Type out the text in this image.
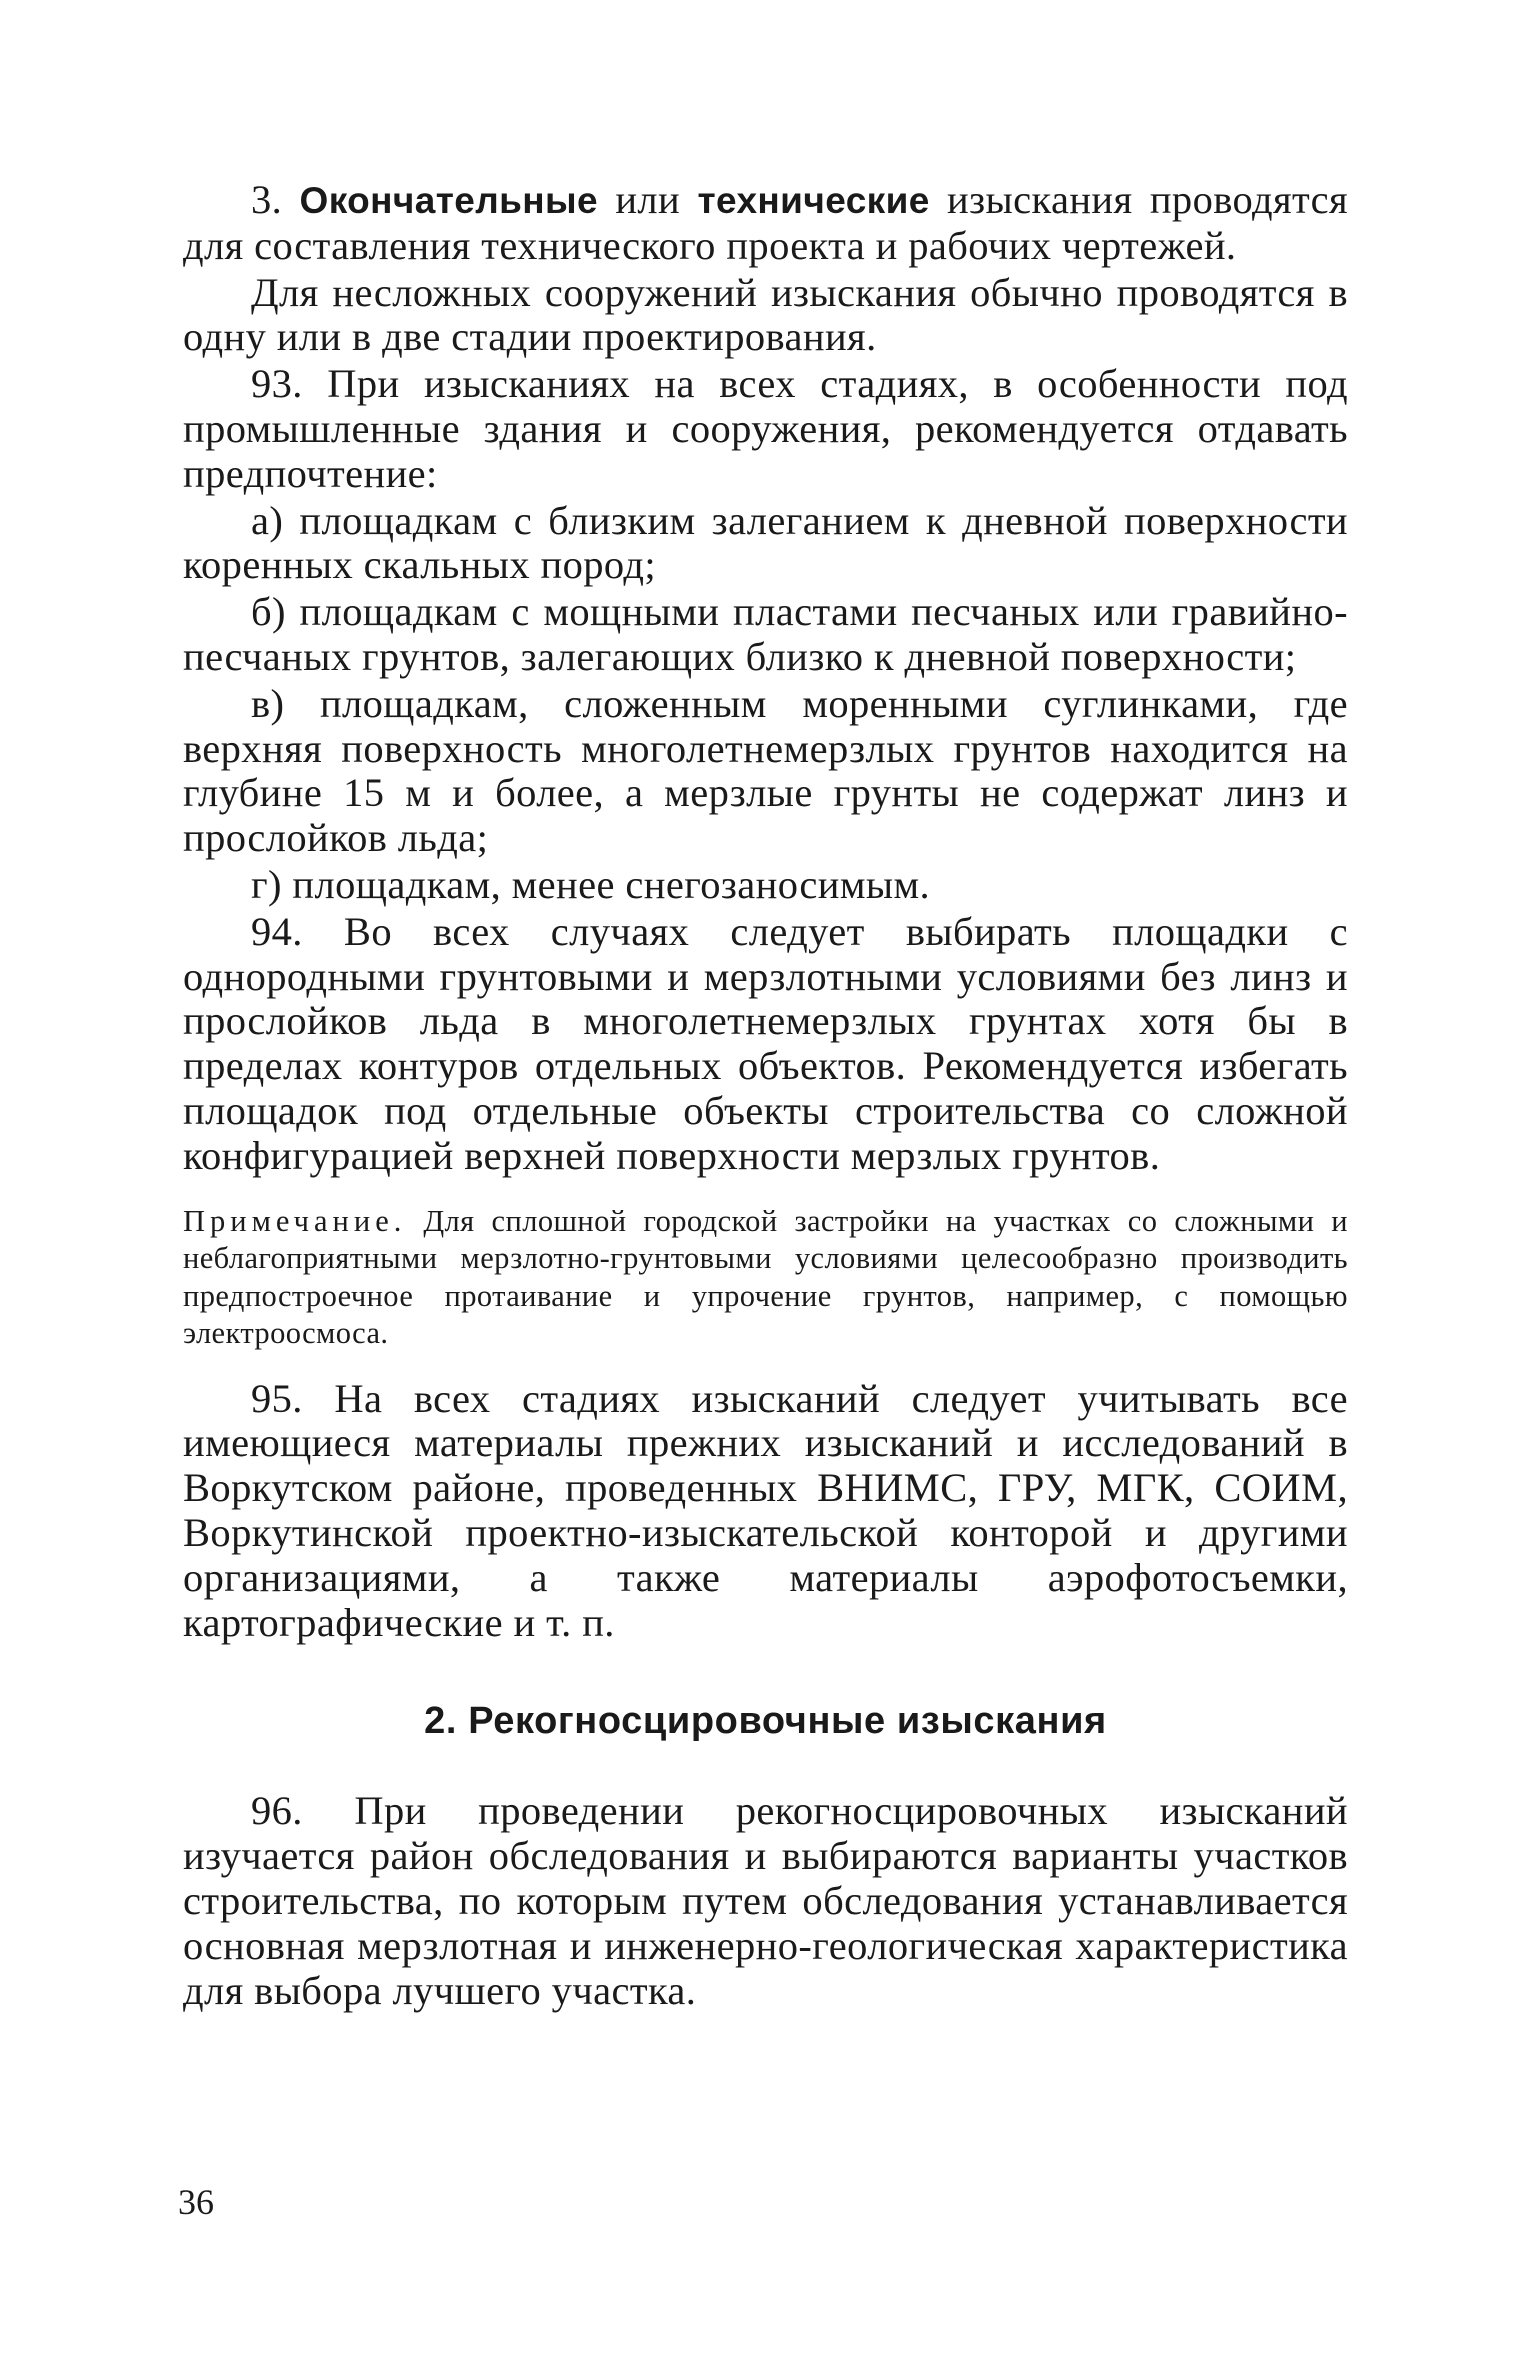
3. Окончательные или технические изыскания проводятся для составления технического проекта и рабочих чертежей.

Для несложных сооружений изыскания обычно проводятся в одну или в две стадии проектирования.

93. При изысканиях на всех стадиях, в особенности под промышленные здания и сооружения, рекомендуется отдавать предпочтение:

а) площадкам с близким залеганием к дневной поверхности коренных скальных пород;

б) площадкам с мощными пластами песчаных или гравийно-песчаных грунтов, залегающих близко к дневной поверхности;

в) площадкам, сложенным моренными суглинками, где верхняя поверхность многолетнемерзлых грунтов находится на глубине 15 м и более, а мерзлые грунты не содержат линз и прослойков льда;

г) площадкам, менее снегозаносимым.

94. Во всех случаях следует выбирать площадки с однородными грунтовыми и мерзлотными условиями без линз и прослойков льда в многолетнемерзлых грунтах хотя бы в пределах контуров отдельных объектов. Рекомендуется избегать площадок под отдельные объекты строительства со сложной конфигурацией верхней поверхности мерзлых грунтов.

Примечание. Для сплошной городской застройки на участках со сложными и неблагоприятными мерзлотно-грунтовыми условиями целесообразно производить предпостроечное протаивание и упрочение грунтов, например, с помощью электроосмоса.

95. На всех стадиях изысканий следует учитывать все имеющиеся материалы прежних изысканий и исследований в Воркутском районе, проведенных ВНИМС, ГРУ, МГК, СОИМ, Воркутинской проектно-изыскательской конторой и другими организациями, а также материалы аэрофотосъемки, картографические и т. п.

2. Рекогносцировочные изыскания

96. При проведении рекогносцировочных изысканий изучается район обследования и выбираются варианты участков строительства, по которым путем обследования устанавливается основная мерзлотная и инженерно-геологическая характеристика для выбора лучшего участка.

36
